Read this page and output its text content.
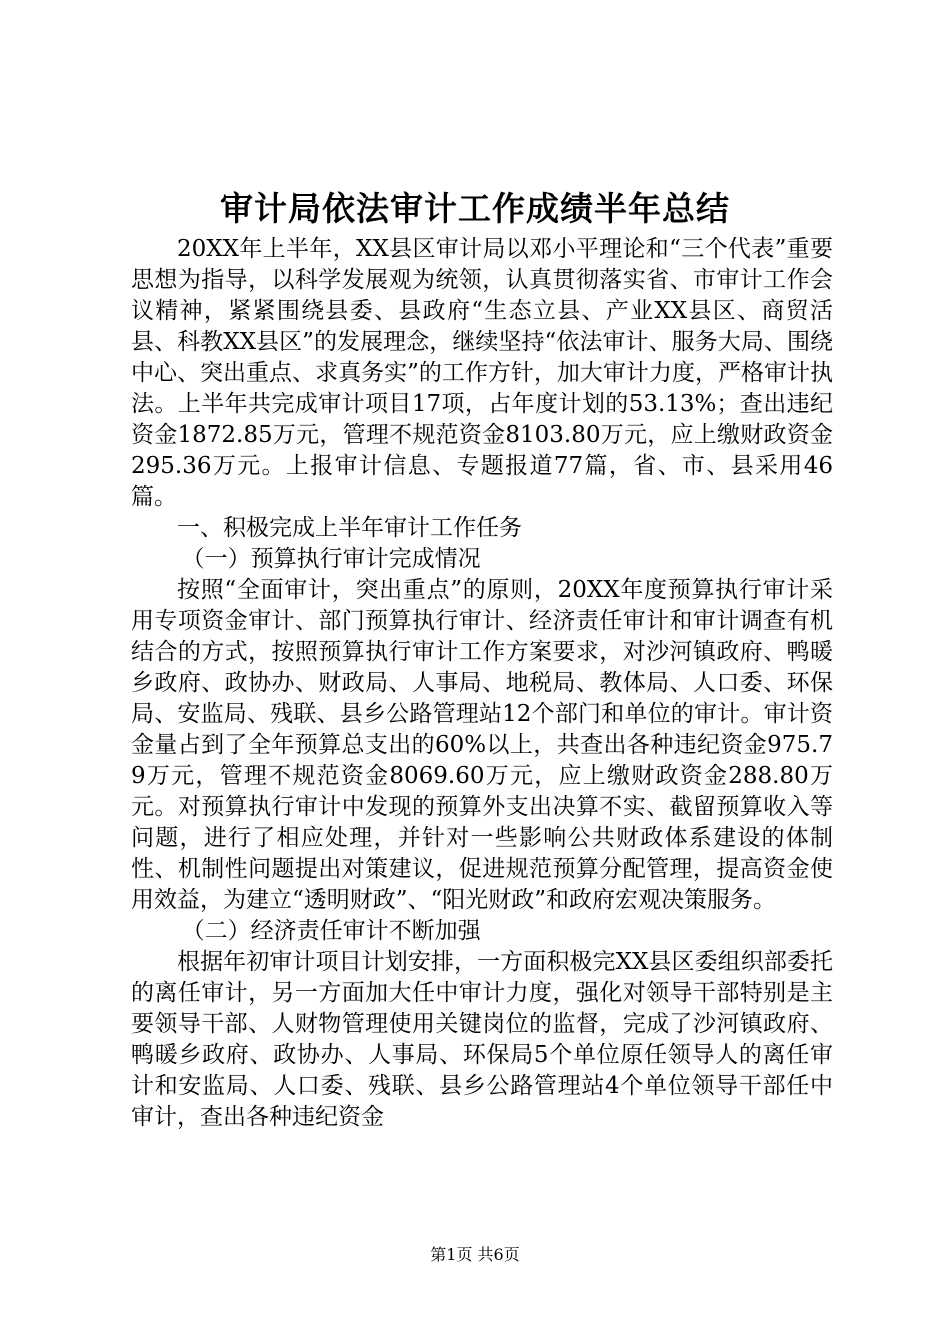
审计局依法审计工作成绩半年总结

20XX年上半年，XX县区审计局以邓小平理论和“三个代表”重要思想为指导，以科学发展观为统领，认真贯彻落实省、市审计工作会议精神，紧紧围绕县委、县政府“生态立县、产业XX县区、商贸活县、科教XX县区”的发展理念，继续坚持“依法审计、服务大局、围绕中心、突出重点、求真务实”的工作方针，加大审计力度，严格审计执法。上半年共完成审计项目17项，占年度计划的53.13%；查出违纪资金1872.85万元，管理不规范资金8103.80万元，应上缴财政资金295.36万元。上报审计信息、专题报道77篇，省、市、县采用46篇。

一、积极完成上半年审计工作任务

（一）预算执行审计完成情况

按照“全面审计，突出重点”的原则，20XX年度预算执行审计采用专项资金审计、部门预算执行审计、经济责任审计和审计调查有机结合的方式，按照预算执行审计工作方案要求，对沙河镇政府、鸭暖乡政府、政协办、财政局、人事局、地税局、教体局、人口委、环保局、安监局、残联、县乡公路管理站12个部门和单位的审计。审计资金量占到了全年预算总支出的60%以上，共查出各种违纪资金975.79万元，管理不规范资金8069.60万元，应上缴财政资金288.80万元。对预算执行审计中发现的预算外支出决算不实、截留预算收入等问题，进行了相应处理，并针对一些影响公共财政体系建设的体制性、机制性问题提出对策建议，促进规范预算分配管理，提高资金使用效益，为建立“透明财政”、“阳光财政”和政府宏观决策服务。

（二）经济责任审计不断加强

根据年初审计项目计划安排，一方面积极完XX县区委组织部委托的离任审计，另一方面加大任中审计力度，强化对领导干部特别是主要领导干部、人财物管理使用关键岗位的监督，完成了沙河镇政府、鸭暖乡政府、政协办、人事局、环保局5个单位原任领导人的离任审计和安监局、人口委、残联、县乡公路管理站4个单位领导干部任中审计，查出各种违纪资金

第1页 共6页
